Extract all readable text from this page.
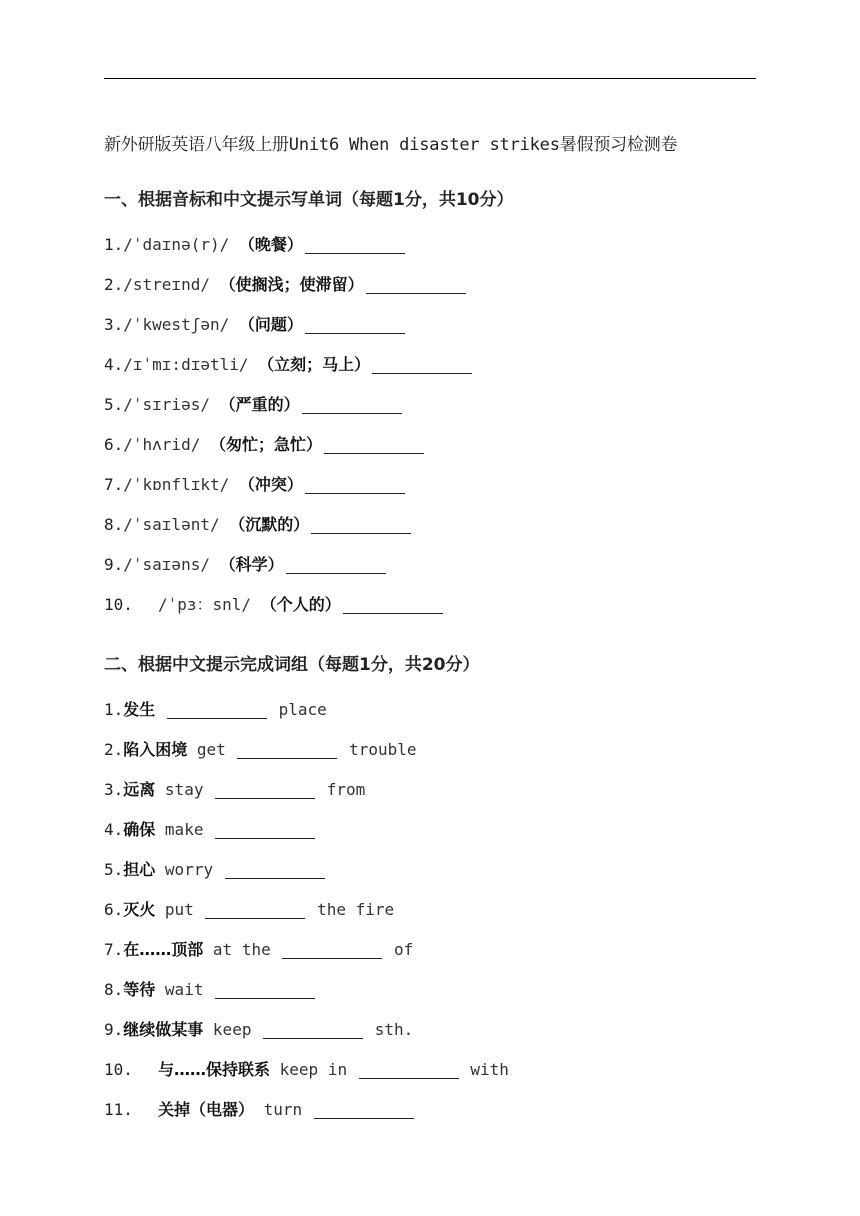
新外研版英语八年级上册Unit6 When disaster strikes暑假预习检测卷
一、根据音标和中文提示写单词（每题1分，共10分）
1./ˈdaɪnə(r)/ （晚餐）
2./streɪnd/ （使搁浅；使滞留）
3./ˈkwestʃən/ （问题）
4./ɪˈmɪ:dɪətli/ （立刻；马上）
5./ˈsɪriəs/ （严重的）
6./ˈhʌrid/ （匆忙；急忙）
7./ˈkɒnflɪkt/ （冲突）
8./ˈsaɪlənt/ （沉默的）
9./ˈsaɪəns/ （科学）
10. /ˈpɜ：snl/ （个人的）
二、根据中文提示完成词组（每题1分，共20分）
1.发生	place
2.陷入困境 get	trouble
3.远离 stay	from
4.确保 make
5.担心 worry
6.灭火 put	the fire
7.在……顶部 at the	of
8.等待 wait
9.继续做某事 keep	sth.
10. 与……保持联系 keep in	with
11. 关掉（电器） turn
